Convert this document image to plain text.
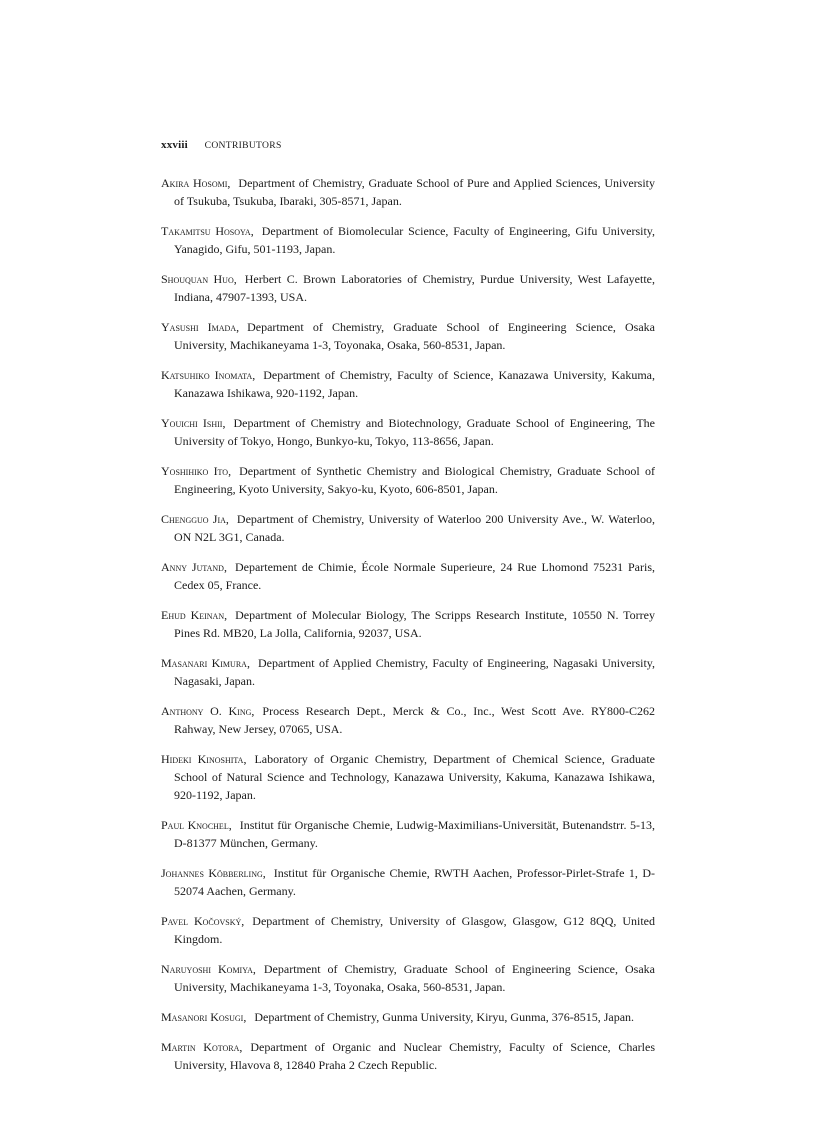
xxviii CONTRIBUTORS

Akira Hosomi, Department of Chemistry, Graduate School of Pure and Applied Sciences, University of Tsukuba, Tsukuba, Ibaraki, 305-8571, Japan.

Takamitsu Hosoya, Department of Biomolecular Science, Faculty of Engineering, Gifu University, Yanagido, Gifu, 501-1193, Japan.

Shouquan Huo, Herbert C. Brown Laboratories of Chemistry, Purdue University, West Lafayette, Indiana, 47907-1393, USA.

Yasushi Imada, Department of Chemistry, Graduate School of Engineering Science, Osaka University, Machikaneyama 1-3, Toyonaka, Osaka, 560-8531, Japan.

Katsuhiko Inomata, Department of Chemistry, Faculty of Science, Kanazawa University, Kakuma, Kanazawa Ishikawa, 920-1192, Japan.

Youichi Ishii, Department of Chemistry and Biotechnology, Graduate School of Engineering, The University of Tokyo, Hongo, Bunkyo-ku, Tokyo, 113-8656, Japan.

Yoshihiko Ito, Department of Synthetic Chemistry and Biological Chemistry, Graduate School of Engineering, Kyoto University, Sakyo-ku, Kyoto, 606-8501, Japan.

Chengguo Jia, Department of Chemistry, University of Waterloo 200 University Ave., W. Waterloo, ON N2L 3G1, Canada.

Anny Jutand, Departement de Chimie, École Normale Superieure, 24 Rue Lhomond 75231 Paris, Cedex 05, France.

Ehud Keinan, Department of Molecular Biology, The Scripps Research Institute, 10550 N. Torrey Pines Rd. MB20, La Jolla, California, 92037, USA.

Masanari Kimura, Department of Applied Chemistry, Faculty of Engineering, Nagasaki University, Nagasaki, Japan.

Anthony O. King, Process Research Dept., Merck & Co., Inc., West Scott Ave. RY800-C262 Rahway, New Jersey, 07065, USA.

Hideki Kinoshita, Laboratory of Organic Chemistry, Department of Chemical Science, Graduate School of Natural Science and Technology, Kanazawa University, Kakuma, Kanazawa Ishikawa, 920-1192, Japan.

Paul Knochel, Institut für Organische Chemie, Ludwig-Maximilians-Universität, Butenandstrr. 5-13, D-81377 München, Germany.

Johannes Köbberling, Institut für Organische Chemie, RWTH Aachen, Professor-Pirlet-Strafe 1, D-52074 Aachen, Germany.

Pavel Kočovský, Department of Chemistry, University of Glasgow, Glasgow, G12 8QQ, United Kingdom.

Naruyoshi Komiya, Department of Chemistry, Graduate School of Engineering Science, Osaka University, Machikaneyama 1-3, Toyonaka, Osaka, 560-8531, Japan.

Masanori Kosugi, Department of Chemistry, Gunma University, Kiryu, Gunma, 376-8515, Japan.

Martin Kotora, Department of Organic and Nuclear Chemistry, Faculty of Science, Charles University, Hlavova 8, 12840 Praha 2 Czech Republic.
